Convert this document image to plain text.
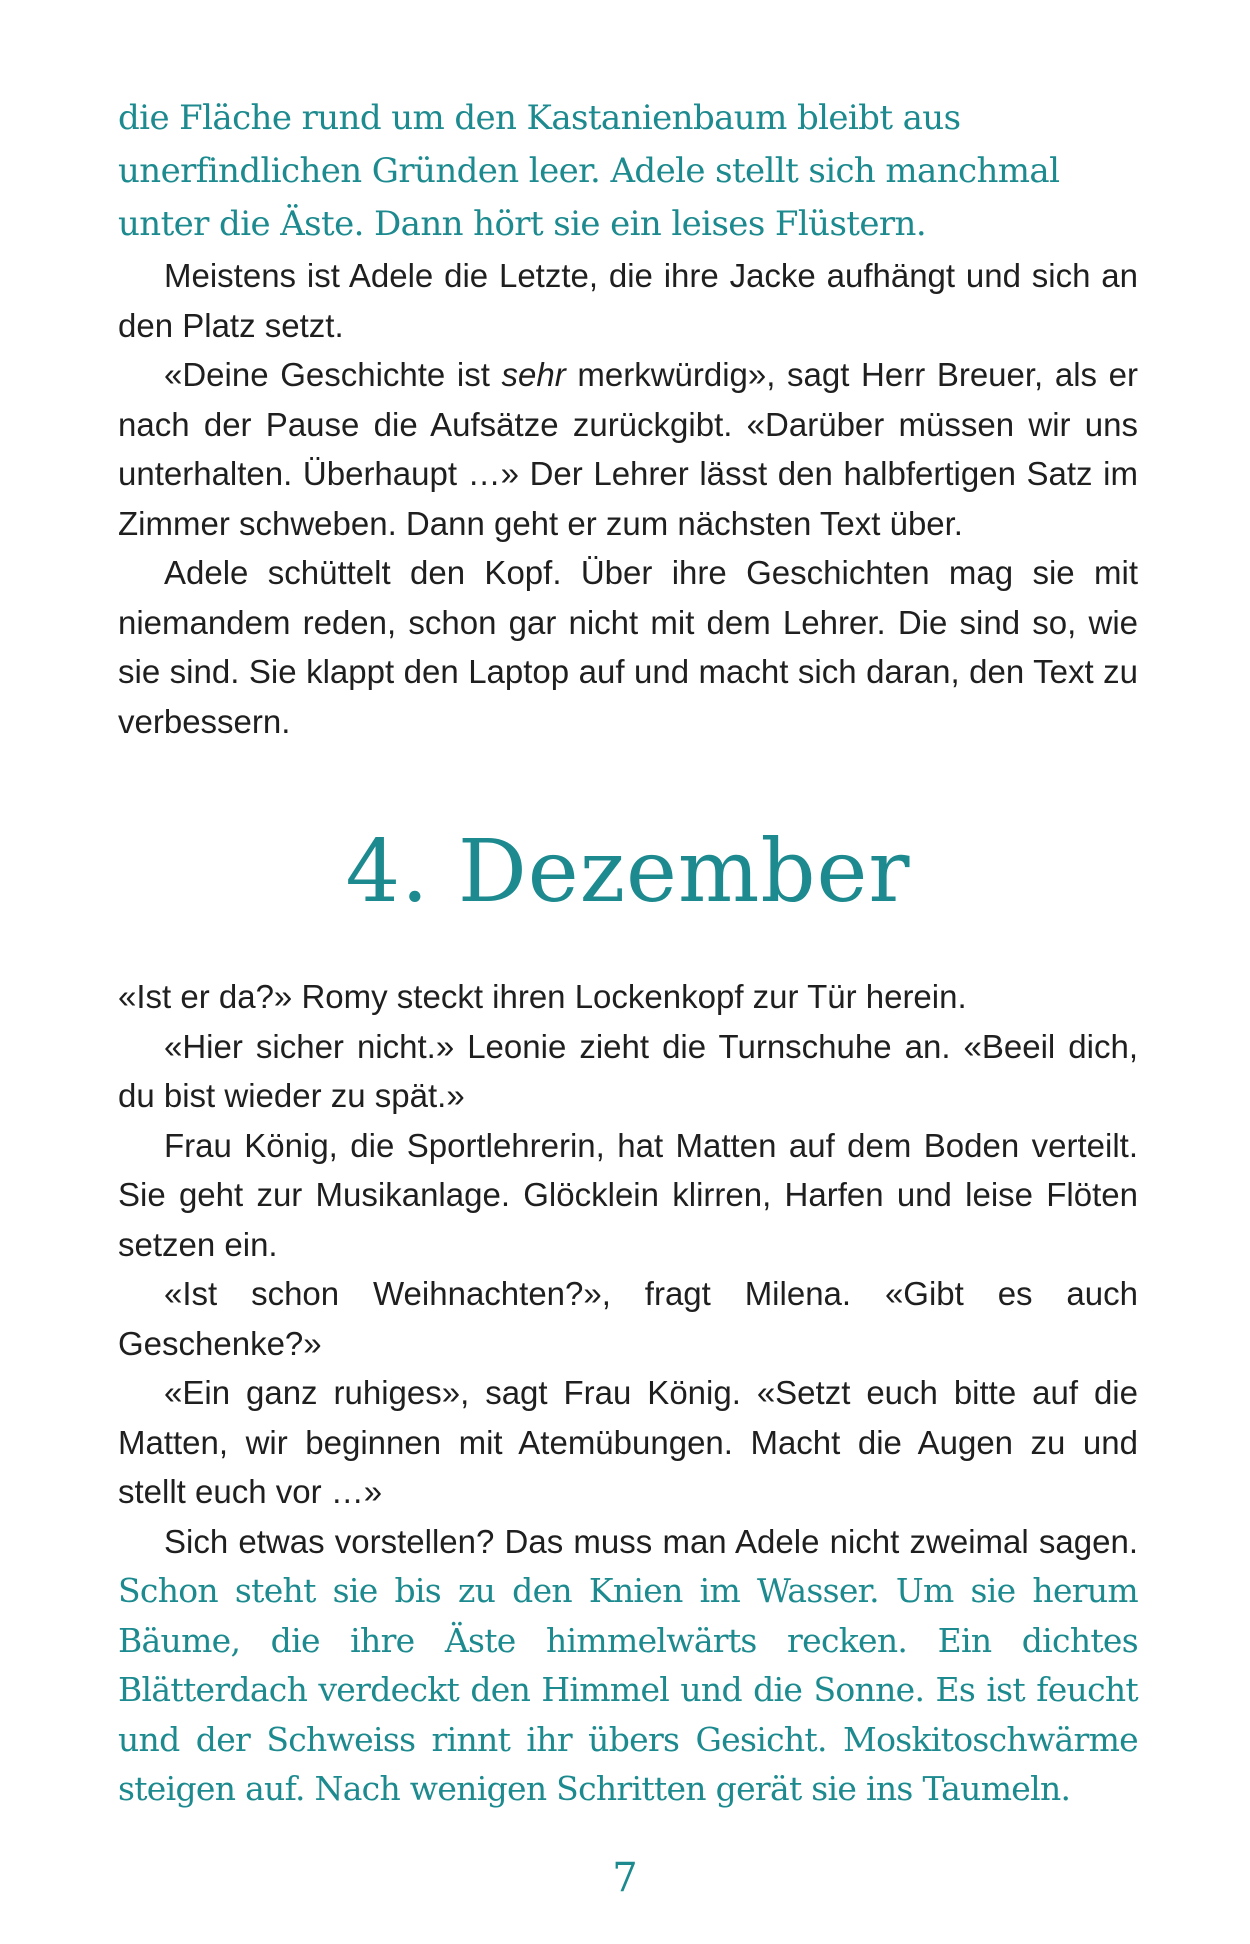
die Fläche rund um den Kastanienbaum bleibt aus unerfindlichen Gründen leer. Adele stellt sich manchmal unter die Äste. Dann hört sie ein leises Flüstern.

Meistens ist Adele die Letzte, die ihre Jacke aufhängt und sich an den Platz setzt.

«Deine Geschichte ist sehr merkwürdig», sagt Herr Breuer, als er nach der Pause die Aufsätze zurückgibt. «Darüber müssen wir uns unterhalten. Überhaupt …» Der Lehrer lässt den halbfertigen Satz im Zimmer schweben. Dann geht er zum nächsten Text über.

Adele schüttelt den Kopf. Über ihre Geschichten mag sie mit niemandem reden, schon gar nicht mit dem Lehrer. Die sind so, wie sie sind. Sie klappt den Laptop auf und macht sich daran, den Text zu verbessern.

4. Dezember

«Ist er da?» Romy steckt ihren Lockenkopf zur Tür herein.

«Hier sicher nicht.» Leonie zieht die Turnschuhe an. «Beeil dich, du bist wieder zu spät.»

Frau König, die Sportlehrerin, hat Matten auf dem Boden verteilt. Sie geht zur Musikanlage. Glöcklein klirren, Harfen und leise Flöten setzen ein.

«Ist schon Weihnachten?», fragt Milena. «Gibt es auch Geschenke?»

«Ein ganz ruhiges», sagt Frau König. «Setzt euch bitte auf die Matten, wir beginnen mit Atemübungen. Macht die Augen zu und stellt euch vor …»

Sich etwas vorstellen? Das muss man Adele nicht zweimal sagen. Schon steht sie bis zu den Knien im Wasser. Um sie herum Bäume, die ihre Äste himmelwärts recken. Ein dichtes Blätterdach verdeckt den Himmel und die Sonne. Es ist feucht und der Schweiss rinnt ihr übers Gesicht. Moskitoschwärme steigen auf. Nach wenigen Schritten gerät sie ins Taumeln.

7
